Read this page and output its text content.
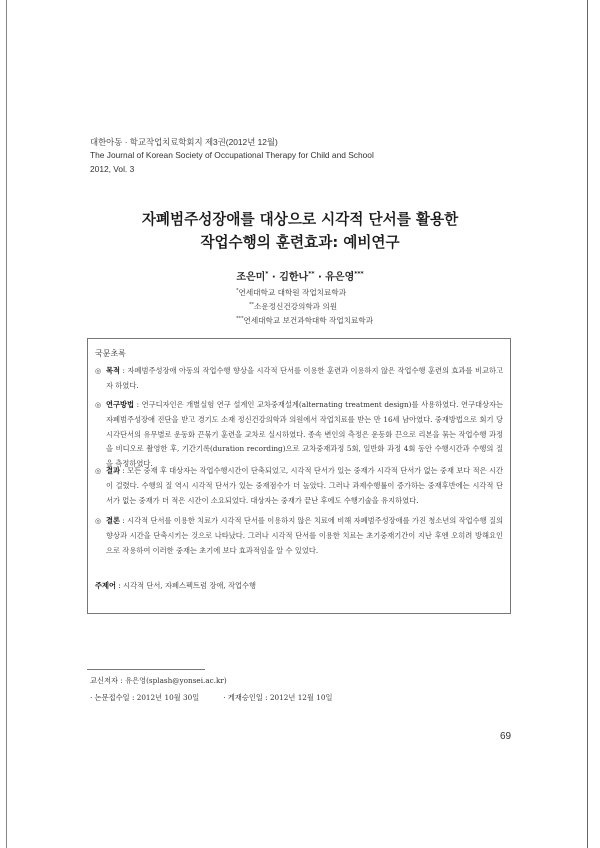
대한아동 · 학교작업치료학회지 제3권(2012년 12월)
The Journal of Korean Society of Occupational Therapy for Child and School
2012, Vol. 3
자폐범주성장애를 대상으로 시각적 단서를 활용한
작업수행의 훈련효과: 예비연구
조은미* · 김한나** · 유은영***
*연세대학교 대학원 작업치료학과
**소운정신건강의학과 의원
***연세대학교 보건과학대학 작업치료학과
국문초록
◎ 목적 : 자폐범주성장애 아동의 작업수행 향상을 시각적 단서를 이용한 훈련과 이용하지 않은 작업수행 훈련의 효과를 비교하고자 하였다.
◎ 연구방법 : 연구디자인은 개별실험 연구 설계인 교차중재설계(alternating treatment design)를 사용하였다. 연구대상자는 자폐범주성장애 진단을 받고 경기도 소재 정신건강의학과 의원에서 작업치료를 받는 만 16세 남아였다. 중재방법으로 회기 당 시각단서의 유무별로 운동화 끈묶기 훈련을 교차로 실시하였다. 종속 변인의 측정은 운동화 끈으로 리본을 묶는 작업수행 과정을 비디오로 촬영한 후, 기간기록(duration recording)으로 교차중재과정 5회, 일반화 과정 4회 동안 수행시간과 수행의 질을 측정하였다.
◎ 결과 : 모든 중재 후 대상자는 작업수행시간이 단축되었고, 시각적 단서가 있는 중재가 시각적 단서가 없는 중재 보다 적은 시간이 걸렸다. 수행의 질 역시 시각적 단서가 있는 중재점수가 더 높았다. 그러나 과제수행률이 증가하는 중재후반에는 시각적 단서가 없는 중재가 더 적은 시간이 소요되었다. 대상자는 중재가 끝난 후에도 수행기술을 유지하였다.
◎ 결론 : 시각적 단서를 이용한 치료가 시각적 단서를 이용하지 않은 치료에 비해 자폐범주성장애를 가진 청소년의 작업수행 질의 향상과 시간을 단축시키는 것으로 나타났다. 그러나 시각적 단서를 이용한 치료는 초기중재기간이 지난 후엔 오히려 방해요인으로 작용하여 이러한 중재는 초기에 보다 효과적임을 알 수 있었다.
주제어 : 시각적 단서, 자폐스펙트럼 장애, 작업수행
교신저자 : 유은영(splash@yonsei.ac.kr)
· 논문접수일 : 2012년 10월 30일	· 게재승인일 : 2012년 12월 10일
69
